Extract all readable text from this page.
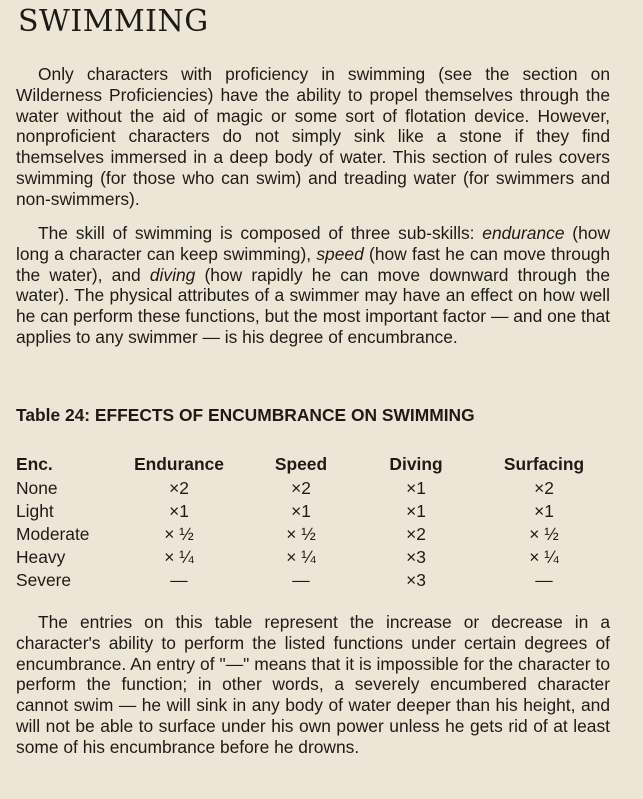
SWIMMING

Only characters with proficiency in swimming (see the section on Wilderness Proficiencies) have the ability to propel themselves through the water without the aid of magic or some sort of flotation device. However, nonproficient characters do not simply sink like a stone if they find themselves immersed in a deep body of water. This section of rules covers swimming (for those who can swim) and treading water (for swimmers and non-swimmers).

The skill of swimming is composed of three sub-skills: endurance (how long a character can keep swimming), speed (how fast he can move through the water), and diving (how rapidly he can move downward through the water). The physical attributes of a swimmer may have an effect on how well he can perform these functions, but the most important factor — and one that applies to any swimmer — is his degree of encumbrance.

Table 24: EFFECTS OF ENCUMBRANCE ON SWIMMING
Enc.	Endurance	Speed	Diving	Surfacing
None	×2	×2	×1	×2
Light	×1	×1	×1	×1
Moderate	× ½	× ½	×2	× ½
Heavy	× ¼	× ¼	×3	× ¼
Severe	—	—	×3	—

The entries on this table represent the increase or decrease in a character's ability to perform the listed functions under certain degrees of encumbrance. An entry of "—" means that it is impossible for the character to perform the function; in other words, a severely encumbered character cannot swim — he will sink in any body of water deeper than his height, and will not be able to surface under his own power unless he gets rid of at least some of his encumbrance before he drowns.
